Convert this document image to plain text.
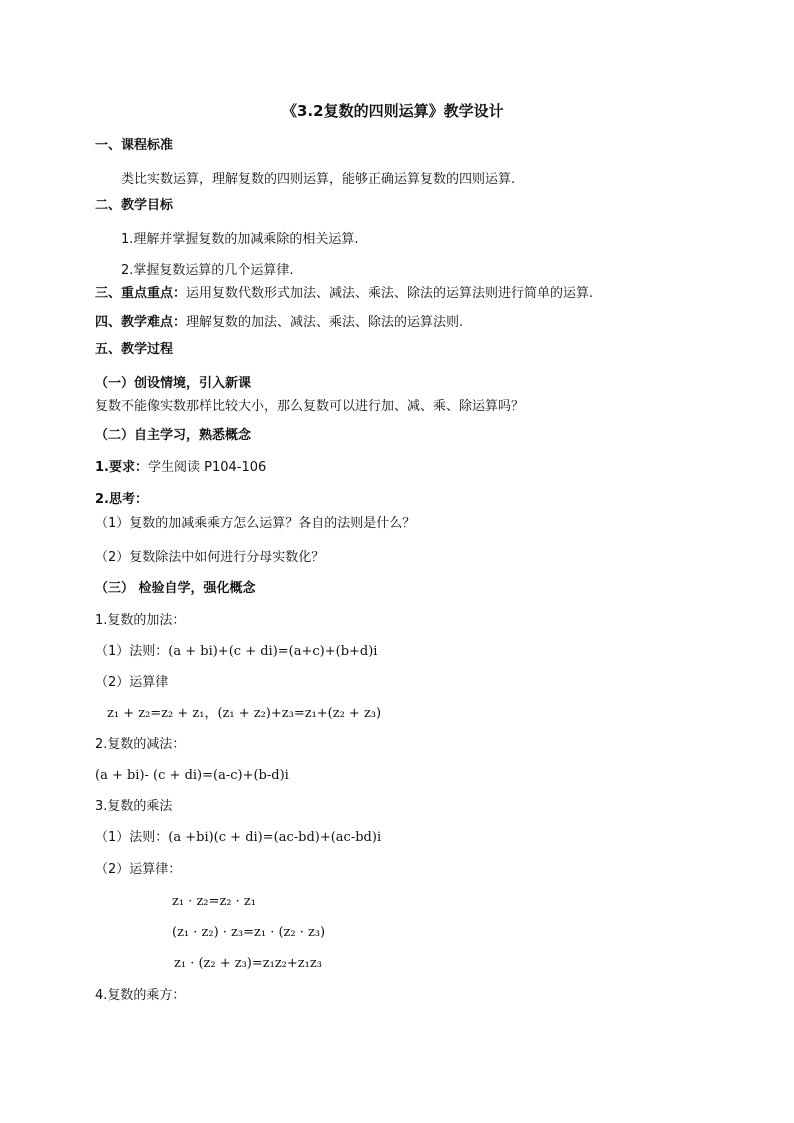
《3.2复数的四则运算》教学设计
一、课程标准
类比实数运算，理解复数的四则运算，能够正确运算复数的四则运算.
二、教学目标
1.理解并掌握复数的加减乘除的相关运算.
2.掌握复数运算的几个运算律.
三、重点重点：运用复数代数形式加法、减法、乘法、除法的运算法则进行简单的运算.
四、教学难点：理解复数的加法、减法、乘法、除法的运算法则.
五、教学过程
（一）创设情境，引入新课
复数不能像实数那样比较大小，那么复数可以进行加、减、乘、除运算吗？
（二）自主学习，熟悉概念
1.要求：学生阅读 P104-106
2.思考：
（1）复数的加减乘乘方怎么运算？各自的法则是什么？
（2）复数除法中如何进行分母实数化？
（三） 检验自学，强化概念
1.复数的加法：
（1）法则：(a + bi)+(c + di)=(a+c)+(b+d)i
（2）运算律
z₁ + z₂=z₂ + z₁，(z₁ + z₂)+z₃=z₁+(z₂ + z₃)
2.复数的减法：
(a + bi)- (c + di)=(a-c)+(b-d)i
3.复数的乘法
（1）法则：(a +bi)(c + di)=(ac-bd)+(ac-bd)i
（2）运算律：
z₁ · z₂=z₂ · z₁
(z₁ · z₂) · z₃=z₁ · (z₂ · z₃)
z₁ · (z₂ + z₃)=z₁z₂+z₁z₃
4.复数的乘方：
